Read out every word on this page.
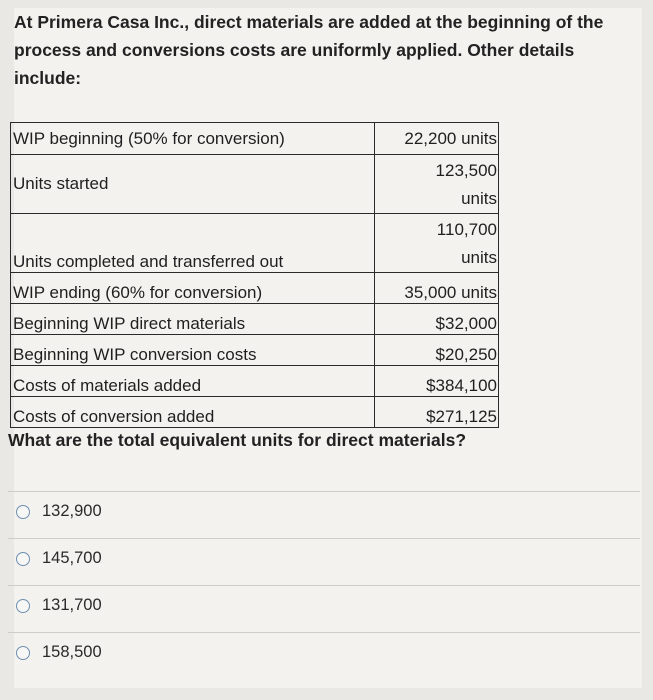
At Primera Casa Inc., direct materials are added at the beginning of the process and conversions costs are uniformly applied. Other details include:
WIP beginning (50% for conversion)	22,200 units

Units started	123,500
units

Units completed and transferred out	110,700
units

WIP ending (60% for conversion)	35,000 units
Beginning WIP direct materials	$32,000
Beginning WIP conversion costs	$20,250
Costs of materials added	$384,100
Costs of conversion added	$271,125
What are the total equivalent units for direct materials?
132,900
145,700
131,700
158,500
